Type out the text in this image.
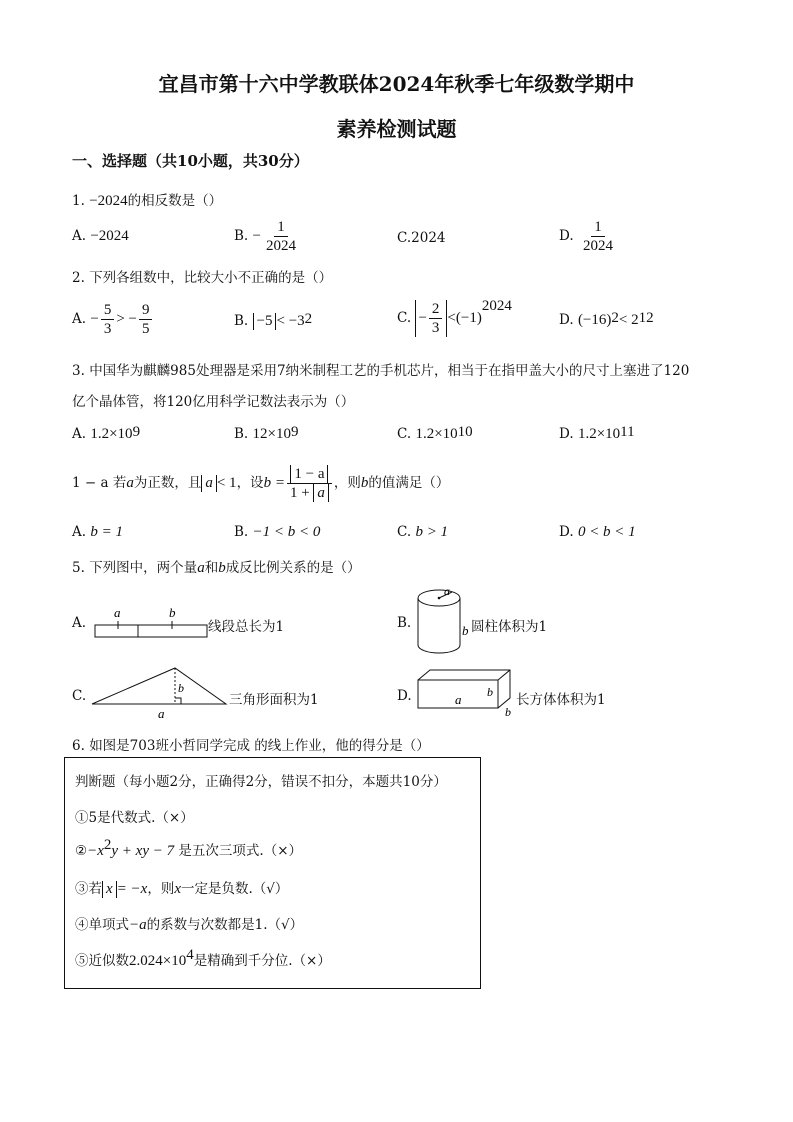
宜昌市第十六中学教联体2024年秋季七年级数学期中
素养检测试题
一、选择题（共10小题，共30分）
1. −2024的相反数是（）
A. −2024	B. − $\frac{1}{2024}$	C.2024	D. $\frac{1}{2024}$
2. 下列各组数中，比较大小不正确的是（）
A. − $\frac{5}{3}$ > − $\frac{9}{5}$	B. $-5 < -3^2$	C. − $\frac{2}{3} <(-1)^{2024}$
D. $(-16)^2< 2^{12}$
3. 中国华为麒麟985处理器是采用7纳米制程工艺的手机芯片，相当于在指甲盖大小的尺寸上塞进了120
亿个晶体管，将120亿用科学记数法表示为（）
A. $1.2\times 10^9$	B. $12\times 10^9$	C. $1.2\times 10^{10}$	D. $1.2\times 10^{11}$
1 − a 若a为正数，且 a < 1，设$b = \frac{1 - a}{1 + a}$ ，则b的值满足（）
A. b = 1	B. −1 < b < 0	C. b > 1	D. 0 < b < 1
5. 下列图中，两个量a和b成反比例关系的是（）
A.
a	b
线段总长为1	B.
a
b 圆柱体积为1
C.	b
a
三角形面积为1	D.	a b
b
长方体体积为1
6. 如图是703班小哲同学完成 的线上作业，他的得分是（）
判断题（每小题2分，正确得2分，错误不扣分，本题共10分）
①5是代数式.（×）
$②-x^2y$ + xy − 7 是五次三项式.（×）
③若 x = −x，则x一定是负数.（√）
④单项式−a的系数与次数都是1.（√）
⑤近似数$2.024\times 10^4$是精确到千分位.（×）
